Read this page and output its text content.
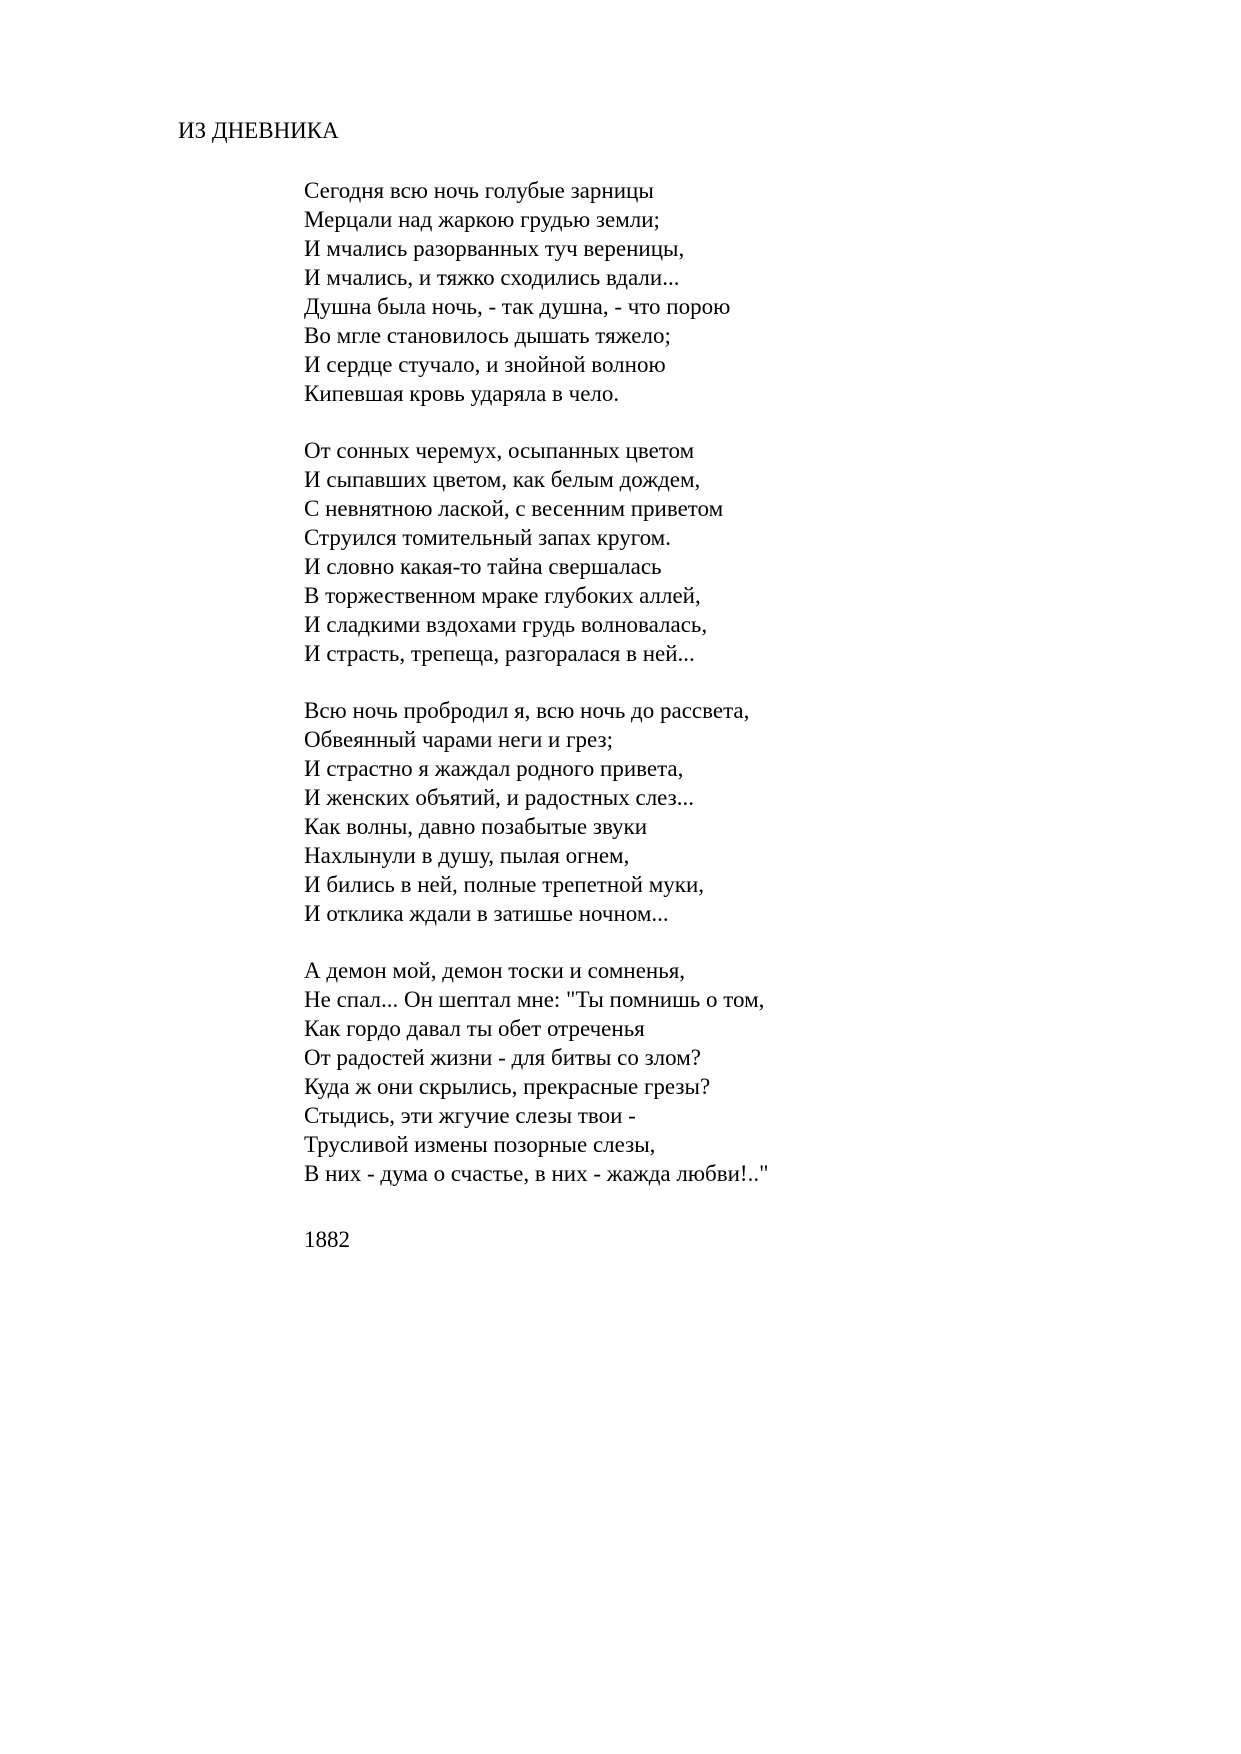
ИЗ ДНЕВНИКА
Сегодня всю ночь голубые зарницы
Мерцали над жаркою грудью земли;
И мчались разорванных туч вереницы,
И мчались, и тяжко сходились вдали...
Душна была ночь, - так душна, - что порою
Во мгле становилось дышать тяжело;
И сердце стучало, и знойной волною
Кипевшая кровь ударяла в чело.
От сонных черемух, осыпанных цветом
И сыпавших цветом, как белым дождем,
С невнятною лаской, с весенним приветом
Струился томительный запах кругом.
И словно какая-то тайна свершалась
В торжественном мраке глубоких аллей,
И сладкими вздохами грудь волновалась,
И страсть, трепеща, разгоралася в ней...
Всю ночь пробродил я, всю ночь до рассвета,
Обвеянный чарами неги и грез;
И страстно я жаждал родного привета,
И женских объятий, и радостных слез...
Как волны, давно позабытые звуки
Нахлынули в душу, пылая огнем,
И бились в ней, полные трепетной муки,
И отклика ждали в затишье ночном...
А демон мой, демон тоски и сомненья,
Не спал... Он шептал мне: "Ты помнишь о том,
Как гордо давал ты обет отреченья
От радостей жизни - для битвы со злом?
Куда ж они скрылись, прекрасные грезы?
Стыдись, эти жгучие слезы твои -
Трусливой измены позорные слезы,
В них - дума о счастье, в них - жажда любви!.."
1882
